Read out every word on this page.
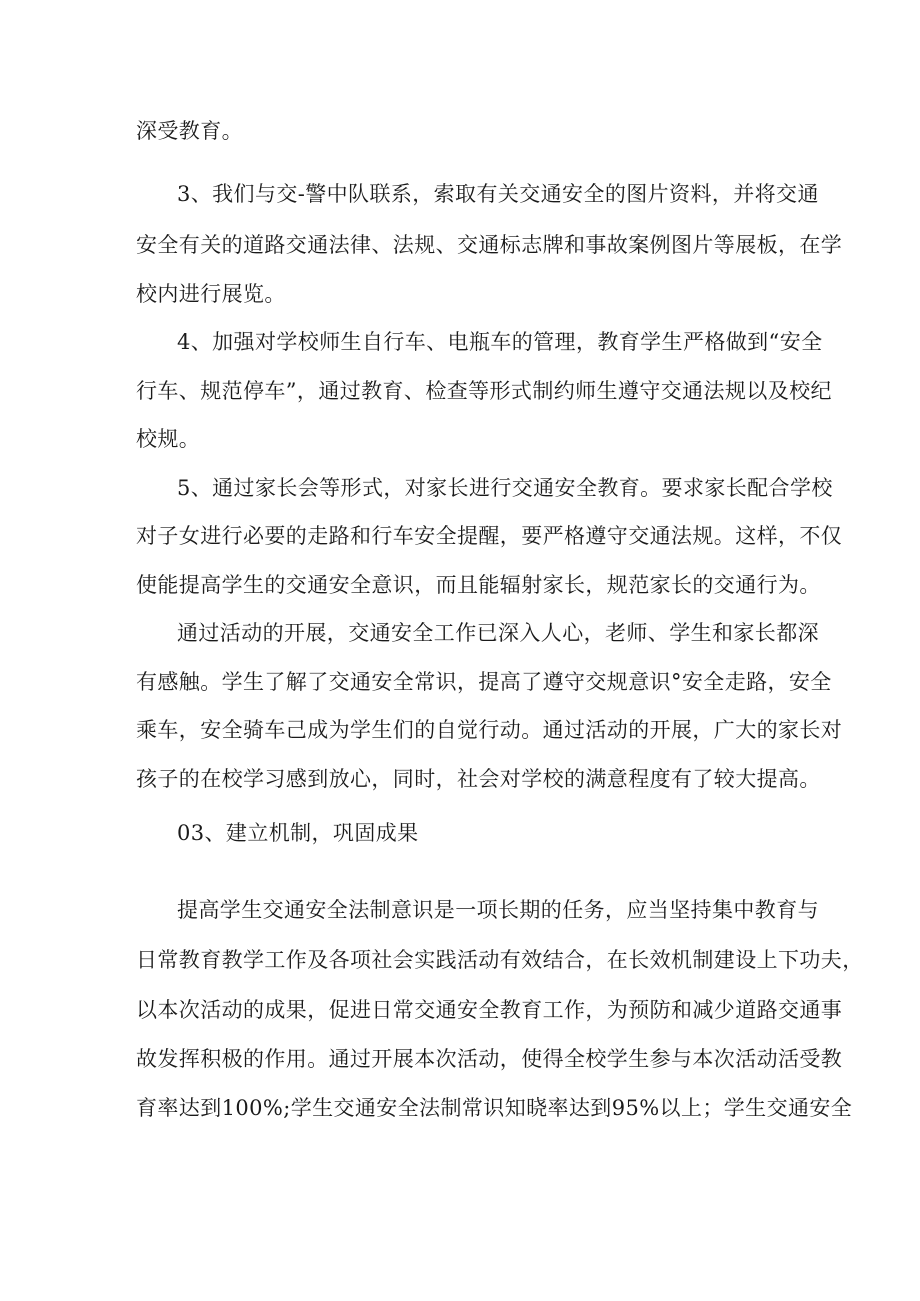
深受教育。
3、我们与交-警中队联系，索取有关交通安全的图片资料，并将交通
安全有关的道路交通法律、法规、交通标志牌和事故案例图片等展板，在学
校内进行展览。
4、加强对学校师生自行车、电瓶车的管理，教育学生严格做到“安全
行车、规范停车”，通过教育、检查等形式制约师生遵守交通法规以及校纪
校规。
5、通过家长会等形式，对家长进行交通安全教育。要求家长配合学校
对子女进行必要的走路和行车安全提醒，要严格遵守交通法规。这样，不仅
使能提高学生的交通安全意识，而且能辐射家长，规范家长的交通行为。
通过活动的开展，交通安全工作已深入人心，老师、学生和家长都深
有感触。学生了解了交通安全常识，提高了遵守交规意识°安全走路，安全
乘车，安全骑车己成为学生们的自觉行动。通过活动的开展，广大的家长对
孩子的在校学习感到放心，同时，社会对学校的满意程度有了较大提高。
03、建立机制，巩固成果
提高学生交通安全法制意识是一项长期的任务，应当坚持集中教育与
日常教育教学工作及各项社会实践活动有效结合，在长效机制建设上下功夫，
以本次活动的成果，促进日常交通安全教育工作，为预防和减少道路交通事
故发挥积极的作用。通过开展本次活动，使得全校学生参与本次活动活受教
育率达到100%;学生交通安全法制常识知晓率达到95%以上；学生交通安全
